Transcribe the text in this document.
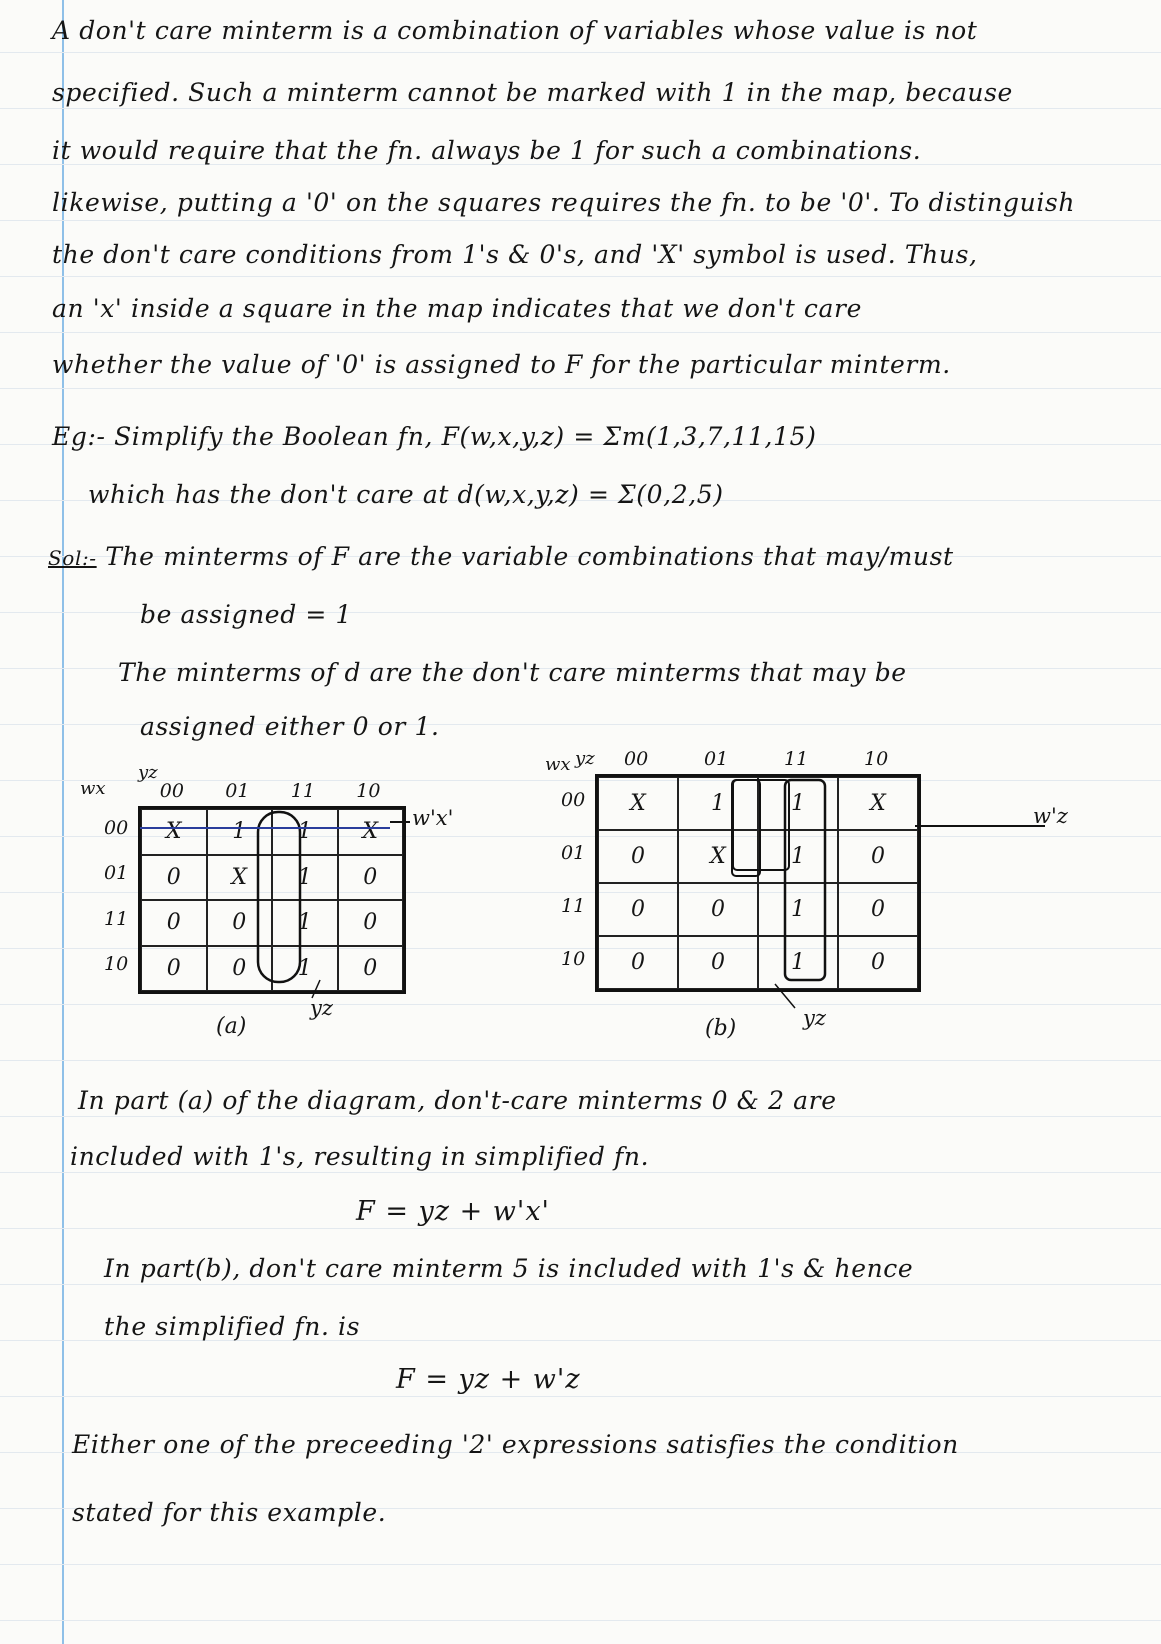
A don't care minterm is a combination of variables whose value is not
specified. Such a minterm cannot be marked with 1 in the map, because
it would require that the fn. always be 1 for such a combinations.
likewise, putting a '0' on the squares requires the fn. to be '0'. To distinguish
the don't care conditions from 1's & 0's, and 'X' symbol is used. Thus,
an 'x' inside a square in the map indicates that we don't care
whether the value of '0' is assigned to F for the particular minterm.
Eg:- Simplify the Boolean fn, F(w,x,y,z) = Σm(1,3,7,11,15)
which has the don't care at d(w,x,y,z) = Σ(0,2,5)
Sol:- The minterms of F are the variable combinations that may/must
be assigned = 1
The minterms of d are the don't care minterms that may be
assigned either 0 or 1.
wx
yz
00 01 11 10
00
01
11
10
X	1	1	X
0	X	1	0
0	0	1	0
0	0	1	0
w'x'
yz
(a)
wx yz 00	01	11	10
00
01
11
10
X	1	1	X
0	X	1	0
0	0	1	0
0	0	1	0
w'z
yz
(b)
In part (a) of the diagram, don't-care minterms 0 & 2 are
included with 1's, resulting in simplified fn.
F = yz + w'x'
In part(b), don't care minterm 5 is included with 1's & hence
the simplified fn. is
F = yz + w'z
Either one of the preceeding '2' expressions satisfies the condition
stated for this example.
